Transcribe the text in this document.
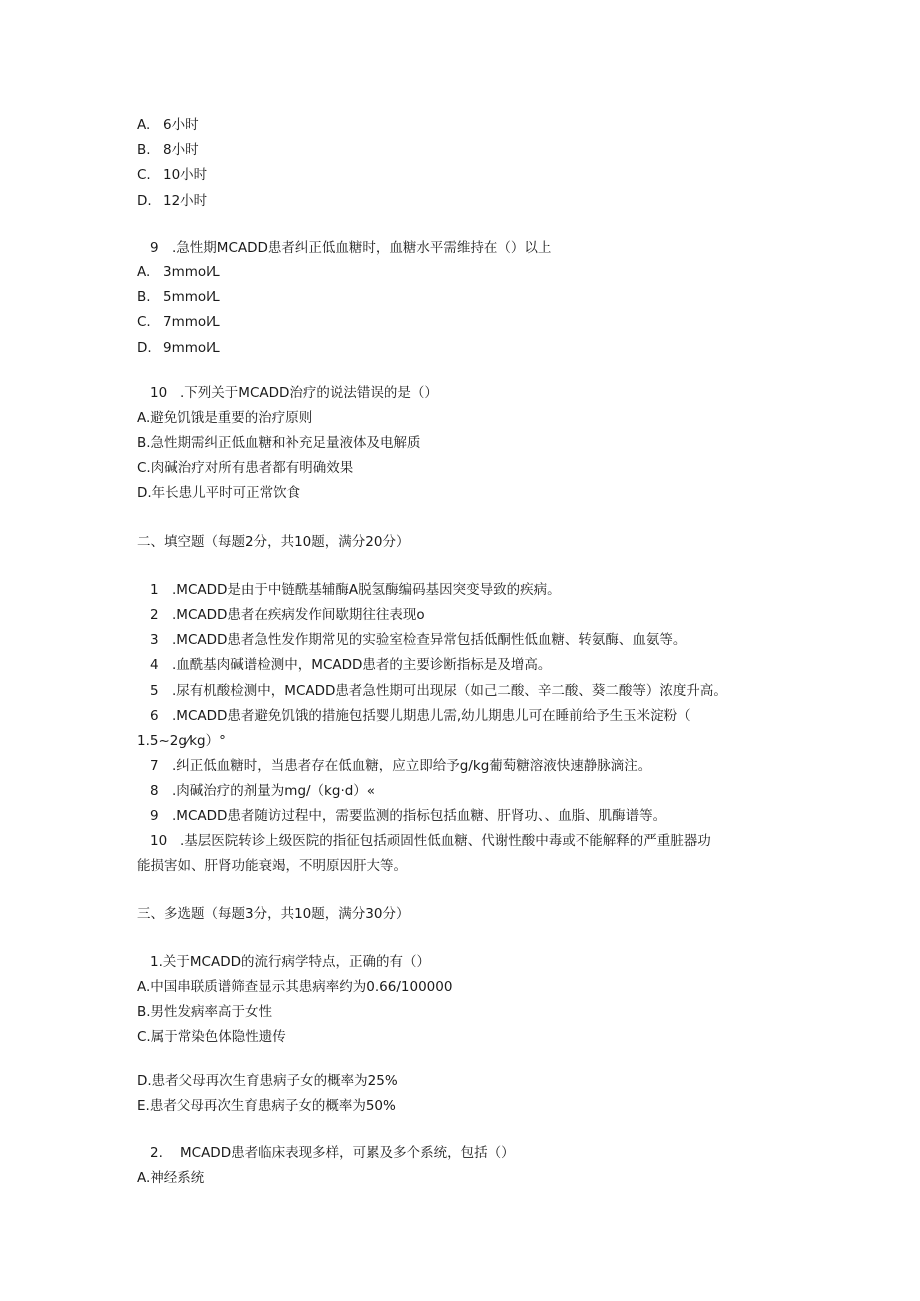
A. 6小时
B. 8小时
C. 10小时
D. 12小时
9 .急性期MCADD患者纠正低血糖时，血糖水平需维持在（）以上
A. 3mmol⁄L
B. 5mmol⁄L
C. 7mmol⁄L
D. 9mmol⁄L
10 .下列关于MCADD治疗的说法错误的是（）
A.避免饥饿是重要的治疗原则
B.急性期需纠正低血糖和补充足量液体及电解质
C.肉碱治疗对所有患者都有明确效果
D.年长患儿平时可正常饮食
二、填空题（每题2分，共10题，满分20分）
1 .MCADD是由于中链酰基辅酶A脱氢酶编码基因突变导致的疾病。
2 .MCADD患者在疾病发作间歇期往往表现o
3 .MCADD患者急性发作期常见的实验室检查异常包括低酮性低血糖、转氨酶、血氨等。
4 .血酰基肉碱谱检测中，MCADD患者的主要诊断指标是及增高。
5 .尿有机酸检测中，MCADD患者急性期可出现尿（如己二酸、辛二酸、葵二酸等）浓度升高。
6 .MCADD患者避免饥饿的措施包括婴儿期患儿需,幼儿期患儿可在睡前给予生玉米淀粉（
1.5~2g⁄kg）°
7 .纠正低血糖时，当患者存在低血糖，应立即给予g/kg葡萄糖溶液快速静脉滴注。
8 .肉碱治疗的剂量为mg/（kg·d）«
9 .MCADD患者随访过程中，需要监测的指标包括血糖、肝肾功、、血脂、肌酶谱等。
10 .基层医院转诊上级医院的指征包括顽固性低血糖、代谢性酸中毒或不能解释的严重脏器功
能损害如、肝肾功能衰竭，不明原因肝大等。
三、多选题（每题3分，共10题，满分30分）
1.关于MCADD的流行病学特点，正确的有（）
A.中国串联质谱筛查显示其患病率约为0.66/100000
B.男性发病率高于女性
C.属于常染色体隐性遗传
D.患者父母再次生育患病子女的概率为25%
E.患者父母再次生育患病子女的概率为50%
2. MCADD患者临床表现多样，可累及多个系统，包括（）
A.神经系统
